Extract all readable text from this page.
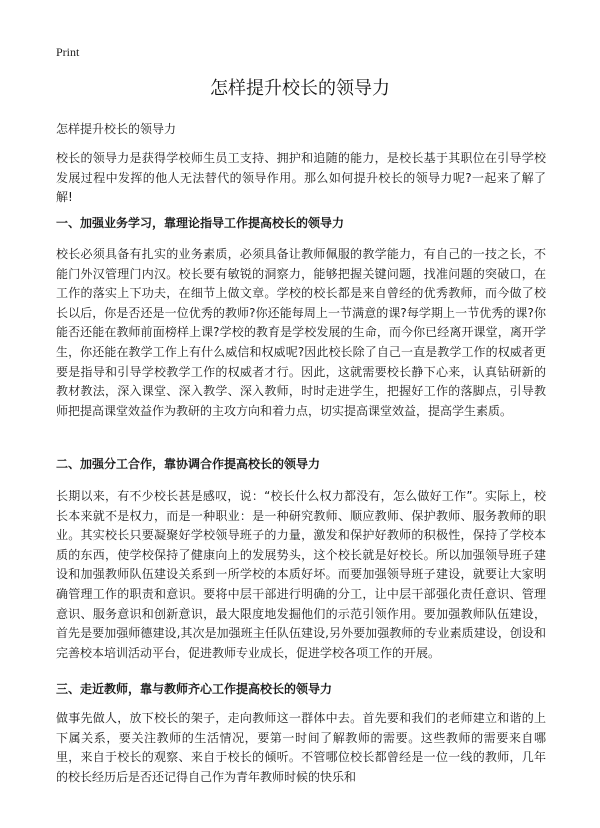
Print
怎样提升校长的领导力

怎样提升校长的领导力

校长的领导力是获得学校师生员工支持、拥护和追随的能力，是校长基于其职位在引导学校发展过程中发挥的他人无法替代的领导作用。那么如何提升校长的领导力呢?一起来了解了解!

一、加强业务学习，靠理论指导工作提高校长的领导力

校长必须具备有扎实的业务素质，必须具备让教师佩服的教学能力，有自己的一技之长，不能门外汉管理门内汉。校长要有敏锐的洞察力，能够把握关键问题，找准问题的突破口，在工作的落实上下功夫，在细节上做文章。学校的校长都是来自曾经的优秀教师，而今做了校长以后，你是否还是一位优秀的教师?你还能每周上一节满意的课?每学期上一节优秀的课?你能否还能在教师前面榜样上课?学校的教育是学校发展的生命，而今你已经离开课堂，离开学生，你还能在教学工作上有什么威信和权威呢?因此校长除了自己一直是教学工作的权威者更要是指导和引导学校教学工作的权威者才行。因此，这就需要校长静下心来，认真钻研新的教材教法，深入课堂、深入教学、深入教师，时时走进学生，把握好工作的落脚点，引导教师把提高课堂效益作为教研的主攻方向和着力点，切实提高课堂效益，提高学生素质。

二、加强分工合作，靠协调合作提高校长的领导力

长期以来，有不少校长甚是感叹，说：“校长什么权力都没有，怎么做好工作”。实际上，校长本来就不是权力，而是一种职业：是一种研究教师、顺应教师、保护教师、服务教师的职业。其实校长只要凝聚好学校领导班子的力量，激发和保护好教师的积极性，保持了学校本质的东西，使学校保持了健康向上的发展势头，这个校长就是好校长。所以加强领导班子建设和加强教师队伍建设关系到一所学校的本质好坏。而要加强领导班子建设，就要让大家明确管理工作的职责和意识。要将中层干部进行明确的分工，让中层干部强化责任意识、管理意识、服务意识和创新意识，最大限度地发掘他们的示范引领作用。要加强教师队伍建设，首先是要加强师德建设,其次是加强班主任队伍建设,另外要加强教师的专业素质建设，创设和完善校本培训活动平台，促进教师专业成长，促进学校各项工作的开展。

三、走近教师，靠与教师齐心工作提高校长的领导力

做事先做人，放下校长的架子，走向教师这一群体中去。首先要和我们的老师建立和谐的上下属关系，要关注教师的生活情况，要第一时间了解教师的需要。这些教师的需要来自哪里，来自于校长的观察、来自于校长的倾听。不管哪位校长都曾经是一位一线的教师，几年的校长经历后是否还记得自己作为青年教师时候的快乐和
